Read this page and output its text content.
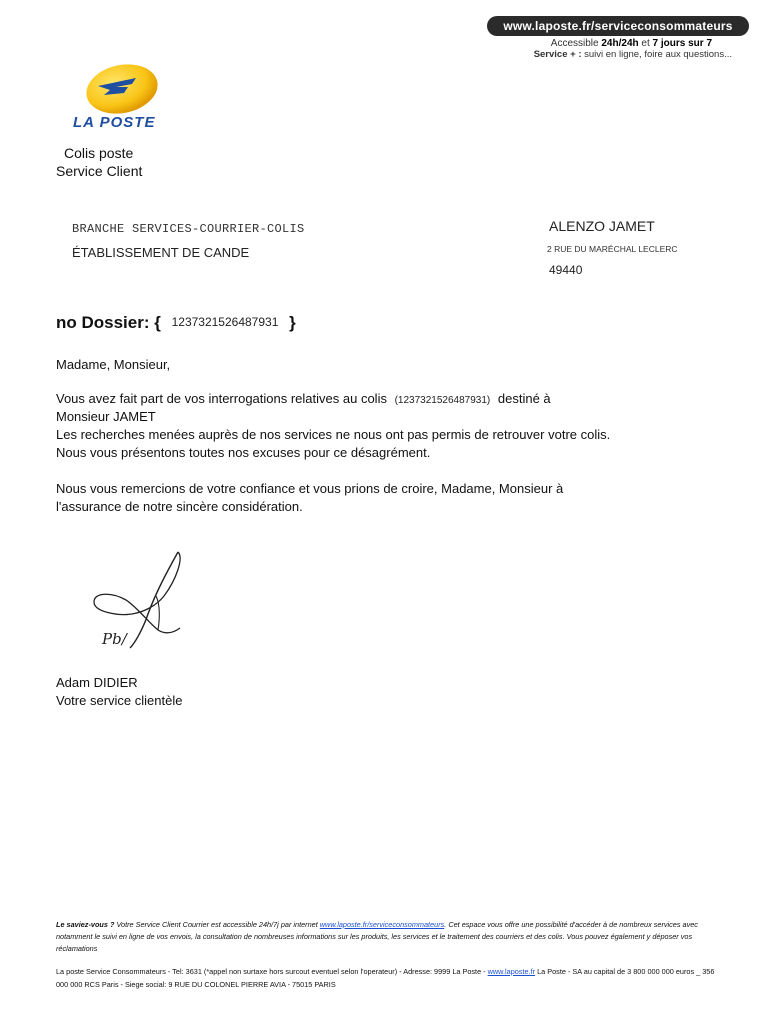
www.laposte.fr/serviceconsommateurs
Accessible 24h/24h et 7 jours sur 7
Service + : suivi en ligne, foire aux questions...
LA POSTE
Colis poste
Service Client
BRANCHE SERVICES-COURRIER-COLIS
ÉTABLISSEMENT DE CANDE
ALENZO JAMET
2 RUE DU MARÉCHAL LECLERC
49440
no Dossier: { 1237321526487931 }
Madame, Monsieur,
Vous avez fait part de vos interrogations relatives au colis (1237321526487931) destiné à
Monsieur JAMET
Les recherches menées auprès de nos services ne nous ont pas permis de retrouver votre colis.
Nous vous présentons toutes nos excuses pour ce désagrément.
Nous vous remercions de votre confiance et vous prions de croire, Madame, Monsieur à
l'assurance de notre sincère considération.
Pb/
Adam DIDIER
Votre service clientèle
Le saviez-vous ? Votre Service Client Courrier est accessible 24h/7j par internet www.laposte.fr/serviceconsommateurs. Cet espace vous offre une possibilité d'accéder à de nombreux services avec notamment le suivi en ligne de vos envois, la consultation de nombreuses informations sur les produits, les services et le traitement des courriers et des colis. Vous pouvez également y déposer vos réclamations
La poste Service Consommateurs - Tel: 3631 (*appel non surtaxe hors surcout eventuel selon l'operateur) - Adresse: 9999 La Poste - www.laposte.fr La Poste - SA au capital de 3 800 000 000 euros _ 356 000 000 RCS Paris - Siege social: 9 RUE DU COLONEL PIERRE AVIA - 75015 PARIS
